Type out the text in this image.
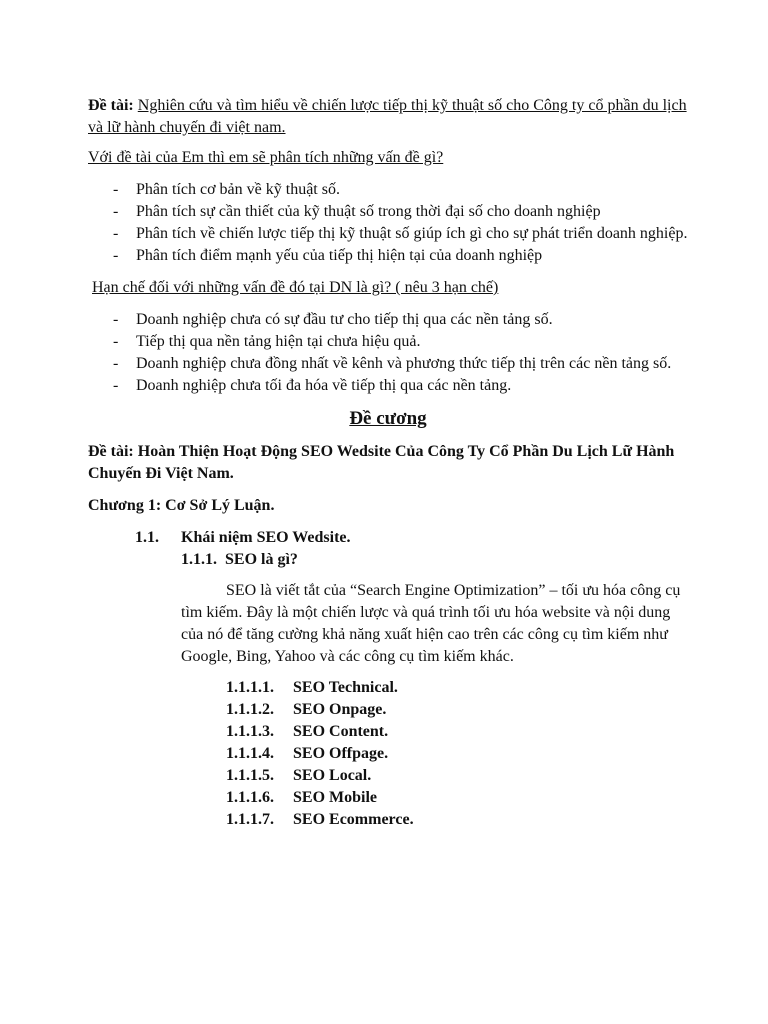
Đề tài: Nghiên cứu và tìm hiểu về chiến lược tiếp thị kỹ thuật số cho Công ty cổ phần du lịch và lữ hành chuyến đi việt nam.

Với đề tài của Em thì em sẽ phân tích những vấn đề gì?

- Phân tích cơ bản về kỹ thuật số.
- Phân tích sự cần thiết của kỹ thuật số trong thời đại số cho doanh nghiệp
- Phân tích về chiến lược tiếp thị kỹ thuật số giúp ích gì cho sự phát triển doanh nghiệp.
- Phân tích điểm mạnh yếu của tiếp thị hiện tại của doanh nghiệp

Hạn chế đối với những vấn đề đó tại DN là gì? ( nêu 3 hạn chế)

- Doanh nghiệp chưa có sự đầu tư cho tiếp thị qua các nền tảng số.
- Tiếp thị qua nền tảng hiện tại chưa hiệu quả.
- Doanh nghiệp chưa đồng nhất về kênh và phương thức tiếp thị trên các nền tảng số.
- Doanh nghiệp chưa tối đa hóa về tiếp thị qua các nền tảng.

Đề cương

Đề tài: Hoàn Thiện Hoạt Động SEO Wedsite Của Công Ty Cổ Phần Du Lịch Lữ Hành Chuyến Đi Việt Nam.

Chương 1: Cơ Sở Lý Luận.

1.1.	Khái niệm SEO Wedsite.
1.1.1. SEO là gì?

SEO là viết tắt của “Search Engine Optimization” – tối ưu hóa công cụ tìm kiếm. Đây là một chiến lược và quá trình tối ưu hóa website và nội dung của nó để tăng cường khả năng xuất hiện cao trên các công cụ tìm kiếm như Google, Bing, Yahoo và các công cụ tìm kiếm khác.

1.1.1.1.	SEO Technical.
1.1.1.2.	SEO Onpage.
1.1.1.3.	SEO Content.
1.1.1.4.	SEO Offpage.
1.1.1.5.	SEO Local.
1.1.1.6.	SEO Mobile
1.1.1.7.	SEO Ecommerce.
